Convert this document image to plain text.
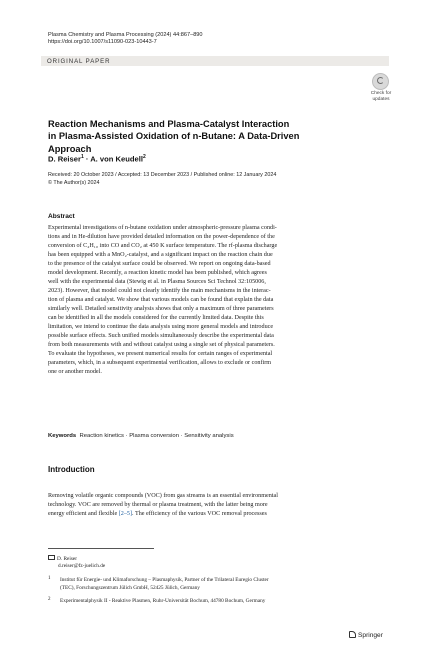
Plasma Chemistry and Plasma Processing (2024) 44:867–890
https://doi.org/10.1007/s11090-023-10443-7
ORIGINAL PAPER
Check for
updates
Reaction Mechanisms and Plasma‑Catalyst Interaction
in Plasma‑Assisted Oxidation of n‑Butane: A Data‑Driven
Approach
D. Reiser$^1$ · A. von Keudell$^2$
Received: 20 October 2023 / Accepted: 13 December 2023 / Published online: 12 January 2024
© The Author(s) 2024
Abstract
Experimental investigations of n‑butane oxidation under atmospheric‑pressure plasma condi‑
tions and in He‑dilution have provided detailed information on the power‑dependence of the
conversion of C₄H₁₀ into CO and CO₂ at 450 K surface temperature. The rf‑plasma discharge
has been equipped with a MnO₂‑catalyst, and a significant impact on the reaction chain due
to the presence of the catalyst surface could be observed. We report on ongoing data‑based
model development. Recently, a reaction kinetic model has been published, which agrees
well with the experimental data (Stewig et al. in Plasma Sources Sci Technol 32:105006,
2023). However, that model could not clearly identify the main mechanisms in the interac‑
tion of plasma and catalyst. We show that various models can be found that explain the data
similarly well. Detailed sensitivity analysis shows that only a maximum of three parameters
can be identified in all the models considered for the currently limited data. Despite this
limitation, we intend to continue the data analysis using more general models and introduce
possible surface effects. Such unified models simultaneously describe the experimental data
from both measurements with and without catalyst using a single set of physical parameters.
To evaluate the hypotheses, we present numerical results for certain ranges of experimental
parameters, which, in a subsequent experimental verification, allows to exclude or confirm
one or another model.
Keywords Reaction kinetics · Plasma conversion · Sensitivity analysis
Introduction
Removing volatile organic compounds (VOC) from gas streams is an essential environmental
technology. VOC are removed by thermal or plasma treatment, with the latter being more
energy efficient and flexible [2–5]. The efficiency of the various VOC removal processes
D. Reiser
d.reiser@fz-juelich.de
1 Institut für Energie‑ und Klimaforschung – Plasmaphysik, Partner of the Trilateral Euregio Cluster
(TEC), Forschungszentrum Jülich GmbH, 52425 Jülich, Germany
2 Experimentalphysik II ‑ Reaktive Plasmen, Ruhr‑Universität Bochum, 44780 Bochum, Germany
Springer
